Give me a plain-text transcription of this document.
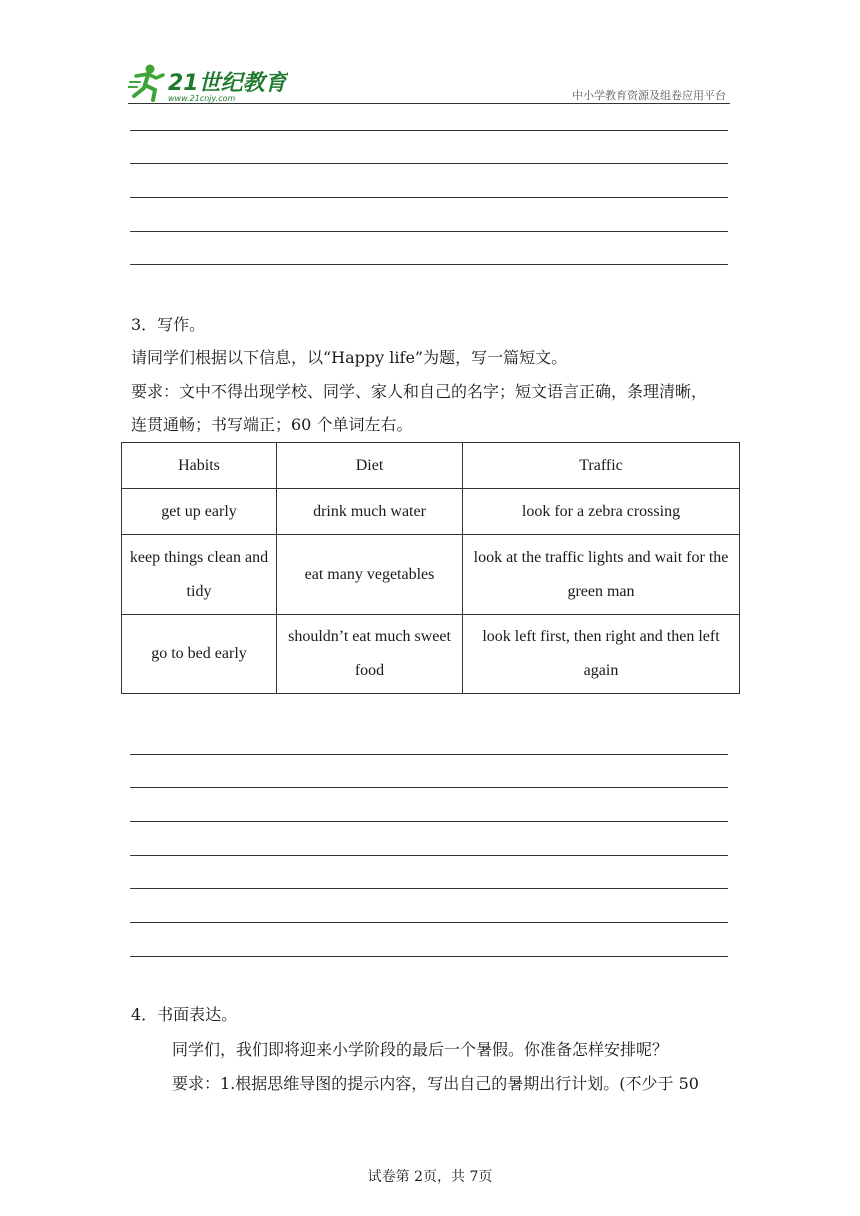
21世纪教育
www.21cnjy.com	中小学教育资源及组卷应用平台
3．写作。
请同学们根据以下信息，以“Happy life”为题，写一篇短文。
要求：文中不得出现学校、同学、家人和自己的名字；短文语言正确，条理清晰，
连贯通畅；书写端正；60 个单词左右。
Habits	Diet	Traffic
get up early	drink much water	look for a zebra crossing
keep things clean and tidy	eat many vegetables	look at the traffic lights and wait for the green man
go to bed early	shouldn’t eat much sweet food	look left first, then right and then left again
4．书面表达。
同学们，我们即将迎来小学阶段的最后一个暑假。你准备怎样安排呢？
要求：1.根据思维导图的提示内容，写出自己的暑期出行计划。(不少于 50
试卷第 2页，共 7页
